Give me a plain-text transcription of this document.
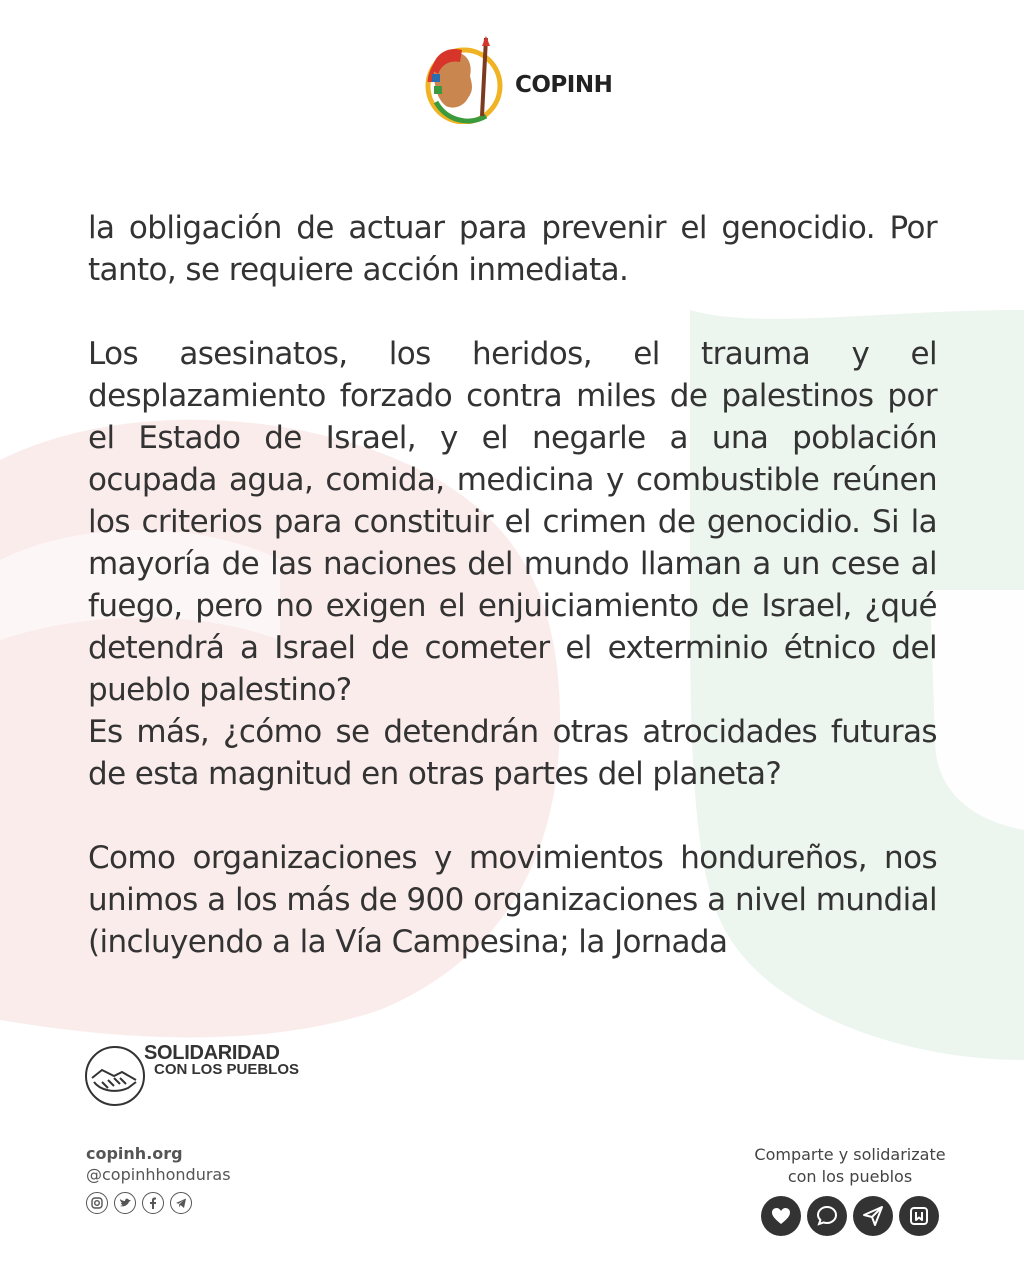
COPINH

la obligación de actuar para prevenir el genocidio. Por tanto, se requiere acción inmediata.

Los asesinatos, los heridos, el trauma y el desplazamiento forzado contra miles de palestinos por el Estado de Israel, y el negarle a una población ocupada agua, comida, medicina y combustible reúnen los criterios para constituir el crimen de genocidio. Si la mayoría de las naciones del mundo llaman a un cese al fuego, pero no exigen el enjuiciamiento de Israel, ¿qué detendrá a Israel de cometer el exterminio étnico del pueblo palestino?

Es más, ¿cómo se detendrán otras atrocidades futuras de esta magnitud en otras partes del planeta?

Como organizaciones y movimientos hondureños, nos unimos a los más de 900 organizaciones a nivel mundial (incluyendo a la Vía Campesina; la Jornada

SOLIDARIDAD
CON LOS PUEBLOS
copinh.org
@copinhhonduras
Comparte y solidarizate
con los pueblos
